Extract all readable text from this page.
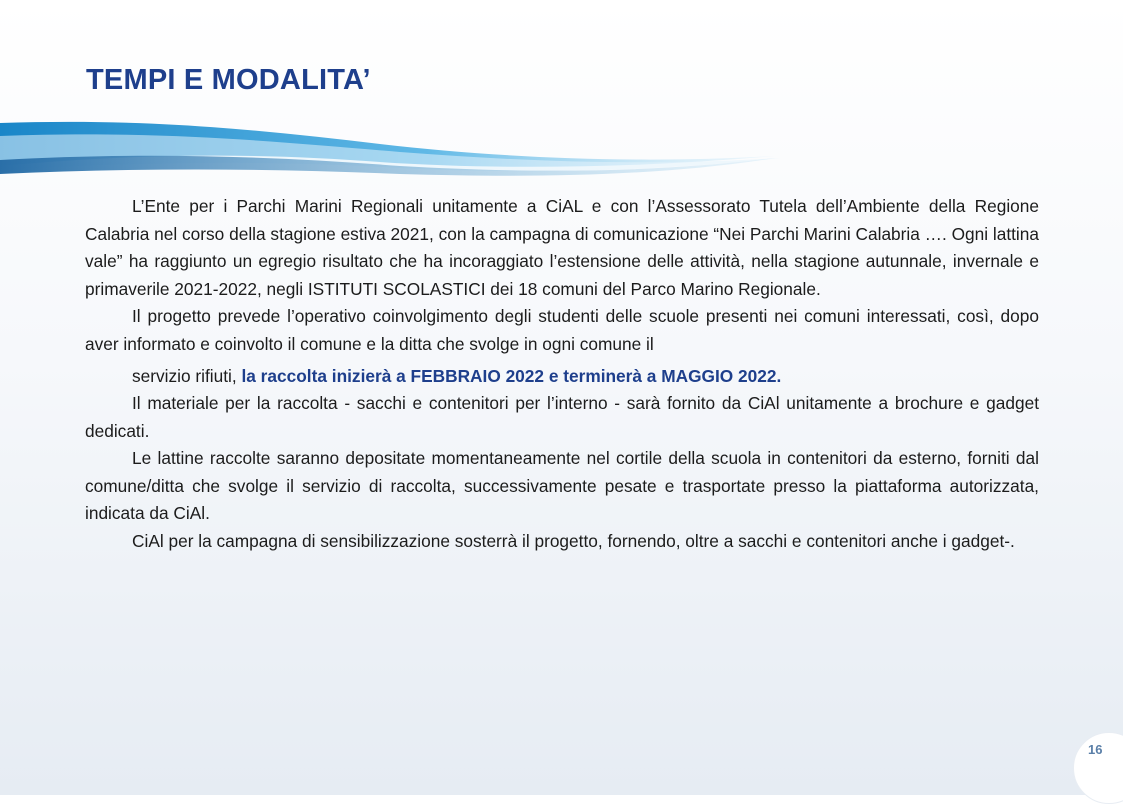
TEMPI E MODALITA’

L’Ente per i Parchi Marini Regionali unitamente a CiAL e con l’Assessorato Tutela dell’Ambiente della Regione Calabria nel corso della stagione estiva 2021, con la campagna di comunicazione “Nei Parchi Marini Calabria …. Ogni lattina vale” ha raggiunto un egregio risultato che ha incoraggiato l’estensione delle attività, nella stagione autunnale, invernale e primaverile 2021-2022, negli ISTITUTI SCOLASTICI dei 18 comuni del Parco Marino Regionale.

Il progetto prevede l’operativo coinvolgimento degli studenti delle scuole presenti nei comuni interessati, così, dopo aver informato e coinvolto il comune e la ditta che svolge in ogni comune il

servizio rifiuti, la raccolta inizierà a FEBBRAIO 2022 e terminerà a MAGGIO 2022.

Il materiale per la raccolta - sacchi e contenitori per l’interno - sarà fornito da CiAl unitamente a brochure e gadget dedicati.

Le lattine raccolte saranno depositate momentaneamente nel cortile della scuola in contenitori da esterno, forniti dal comune/ditta che svolge il servizio di raccolta, successivamente pesate e trasportate presso la piattaforma autorizzata, indicata da CiAl.

CiAl per la campagna di sensibilizzazione sosterrà il progetto, fornendo, oltre a sacchi e contenitori anche i gadget-.

16
